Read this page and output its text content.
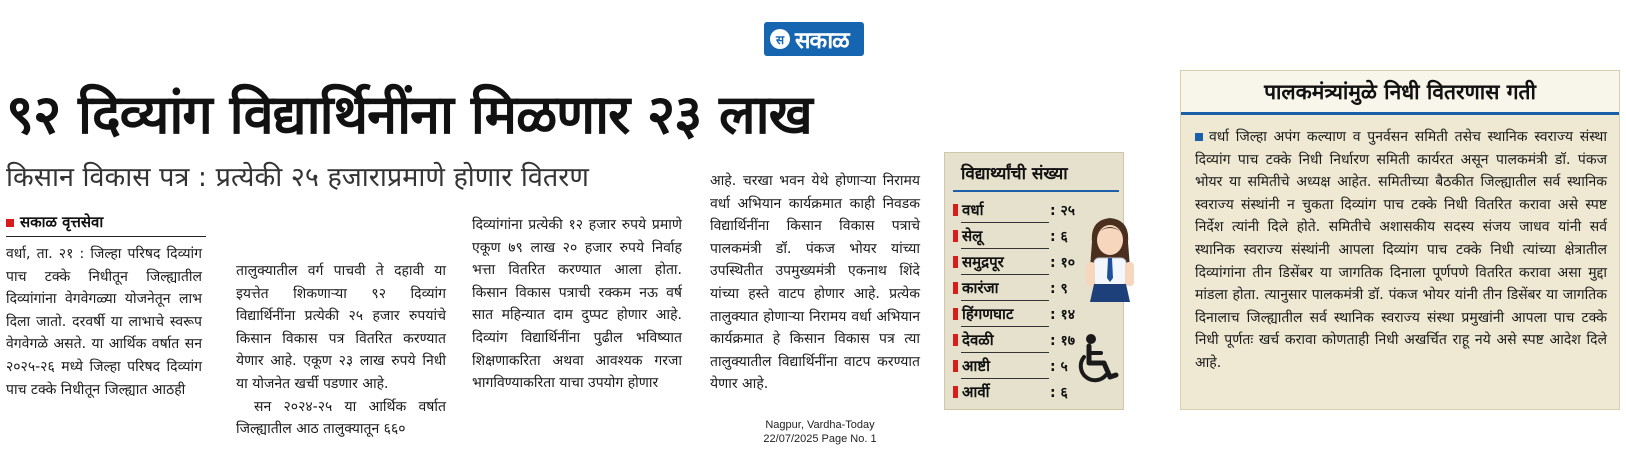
स सकाळ
९२ दिव्यांग विद्यार्थिनींना मिळणार २३ लाख
किसान विकास पत्र : प्रत्येकी २५ हजाराप्रमाणे होणार वितरण
सकाळ वृत्तसेवा

वर्धा, ता. २१ : जिल्हा परिषद दिव्यांग पाच टक्के निधीतून जिल्ह्यातील दिव्यांगांना वेगवेगळ्या योजनेतून लाभ दिला जातो. दरवर्षी या लाभाचे स्वरूप वेगवेगळे असते. या आर्थिक वर्षात सन २०२५-२६ मध्ये जिल्हा परिषद दिव्यांग पाच टक्के निधीतून जिल्ह्यात आठही

तालुक्यातील वर्ग पाचवी ते दहावी या इयत्तेत शिकणाऱ्या ९२ दिव्यांग विद्यार्थिनींना प्रत्येकी २५ हजार रुपयांचे किसान विकास पत्र वितरित करण्यात येणार आहे. एकूण २३ लाख रुपये निधी या योजनेत खर्ची पडणार आहे.

सन २०२४-२५ या आर्थिक वर्षात जिल्ह्यातील आठ तालुक्यातून ६६०

दिव्यांगांना प्रत्येकी १२ हजार रुपये प्रमाणे एकूण ७९ लाख २० हजार रुपये निर्वाह भत्ता वितरित करण्यात आला होता. किसान विकास पत्राची रक्कम नऊ वर्ष सात महिन्यात दाम दुप्पट होणार आहे. दिव्यांग विद्यार्थिनींना पुढील भविष्यात शिक्षणाकरिता अथवा आवश्यक गरजा भागविण्याकरिता याचा उपयोग होणार

आहे. चरखा भवन येथे होणाऱ्या निरामय वर्धा अभियान कार्यक्रमात काही निवडक विद्यार्थिनींना किसान विकास पत्राचे पालकमंत्री डॉ. पंकज भोयर यांच्या उपस्थितीत उपमुख्यमंत्री एकनाथ शिंदे यांच्या हस्ते वाटप होणार आहे. प्रत्येक तालुक्यात होणाऱ्या निरामय वर्धा अभियान कार्यक्रमात हे किसान विकास पत्र त्या तालुक्यातील विद्यार्थिनींना वाटप करण्यात येणार आहे.

विद्यार्थ्यांची संख्या
वर्धा	: २५
सेलू	: ६
समुद्रपूर	: १०
कारंजा	: ९
हिंगणघाट	: १४
देवळी	: १७
आष्टी	: ५
आर्वी	: ६
पालकमंत्र्यांमुळे निधी वितरणास गती
वर्धा जिल्हा अपंग कल्याण व पुनर्वसन समिती तसेच स्थानिक स्वराज्य संस्था दिव्यांग पाच टक्के निधी निर्धारण समिती कार्यरत असून पालकमंत्री डॉ. पंकज भोयर या समितीचे अध्यक्ष आहेत. समितीच्या बैठकीत जिल्ह्यातील सर्व स्थानिक स्वराज्य संस्थांनी न चुकता दिव्यांग पाच टक्के निधी वितरित करावा असे स्पष्ट निर्देश त्यांनी दिले होते. समितीचे अशासकीय सदस्य संजय जाधव यांनी सर्व स्थानिक स्वराज्य संस्थांनी आपला दिव्यांग पाच टक्के निधी त्यांच्या क्षेत्रातील दिव्यांगांना तीन डिसेंबर या जागतिक दिनाला पूर्णपणे वितरित करावा असा मुद्दा मांडला होता. त्यानुसार पालकमंत्री डॉ. पंकज भोयर यांनी तीन डिसेंबर या जागतिक दिनालाच जिल्ह्यातील सर्व स्थानिक स्वराज्य संस्था प्रमुखांनी आपला पाच टक्के निधी पूर्णतः खर्च करावा कोणताही निधी अखर्चित राहू नये असे स्पष्ट आदेश दिले आहे.
Nagpur, Vardha-Today
22/07/2025 Page No. 1
